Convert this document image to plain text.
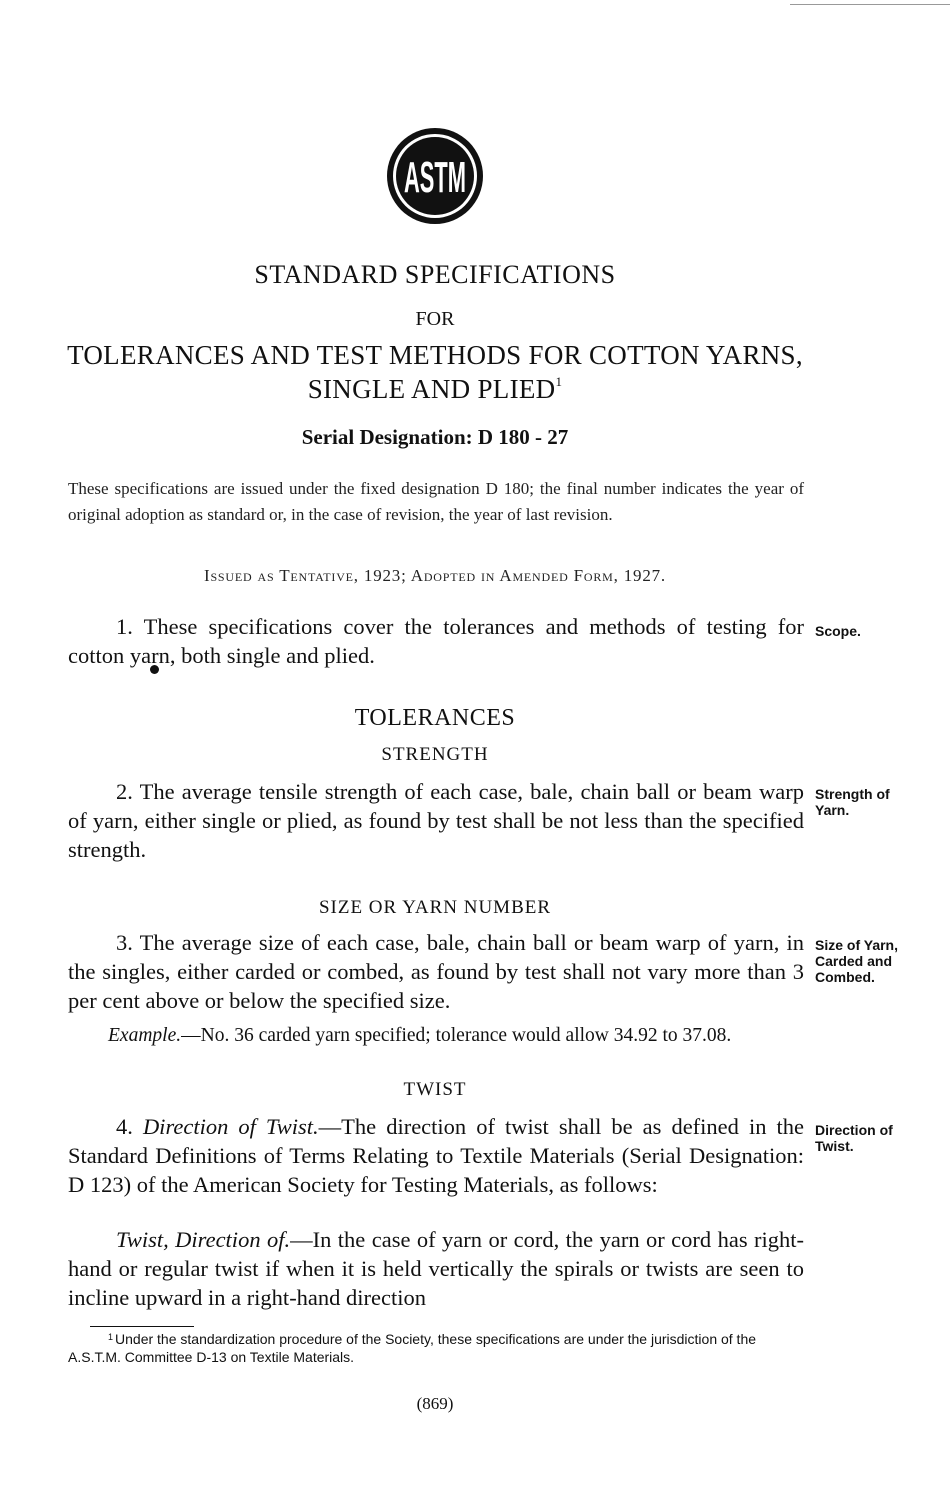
ASTM
STANDARD SPECIFICATIONS
FOR
TOLERANCES AND TEST METHODS FOR COTTON YARNS,
SINGLE AND PLIED$^1$
Serial Designation: D 180 - 27
These specifications are issued under the fixed designation D 180; the final number indicates the year of original adoption as standard or, in the case of revision, the year of last revision.
Issued as Tentative, 1923; Adopted in Amended Form, 1927.
1. These specifications cover the tolerances and methods of testing for cotton yarn, both single and plied.
Scope.
TOLERANCES
STRENGTH
2. The average tensile strength of each case, bale, chain ball or beam warp of yarn, either single or plied, as found by test shall be not less than the specified strength.
Strength of
Yarn.
SIZE OR YARN NUMBER
3. The average size of each case, bale, chain ball or beam warp of yarn, in the singles, either carded or combed, as found by test shall not vary more than 3 per cent above or below the specified size.
Size of Yarn,
Carded and
Combed.
Example.—No. 36 carded yarn specified; tolerance would allow 34.92 to 37.08.
TWIST
4. Direction of Twist.—The direction of twist shall be as defined in the Standard Definitions of Terms Relating to Textile Materials (Serial Designation: D 123) of the American Society for Testing Materials, as follows:
Direction of
Twist.
Twist, Direction of.—In the case of yarn or cord, the yarn or cord has right-hand or regular twist if when it is held vertically the spirals or twists are seen to incline upward in a right-hand direction
$^1$ Under the standardization procedure of the Society, these specifications are under the jurisdiction of the A.S.T.M. Committee D-13 on Textile Materials.
(869)
